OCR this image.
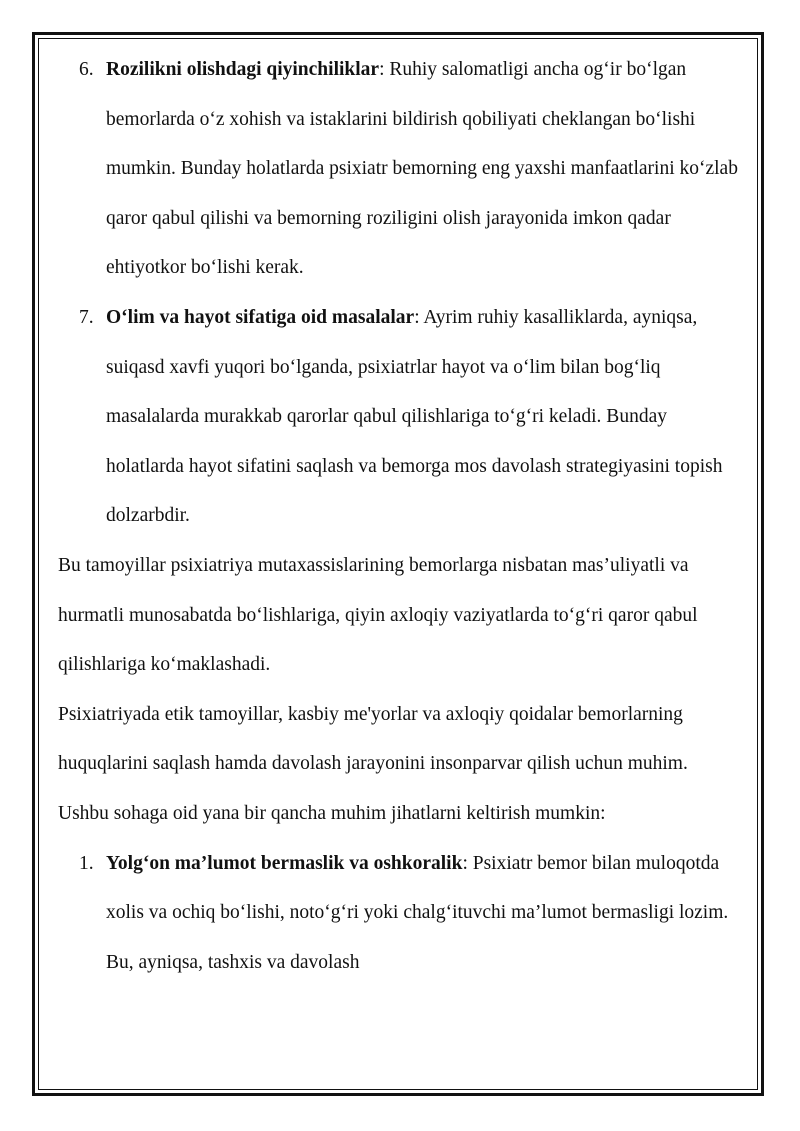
6. Rozilikni olishdagi qiyinchiliklar: Ruhiy salomatligi ancha og‘ir bo‘lgan bemorlarda o‘z xohish va istaklarini bildirish qobiliyati cheklangan bo‘lishi mumkin. Bunday holatlarda psixiatr bemorning eng yaxshi manfaatlarini ko‘zlab qaror qabul qilishi va bemorning roziligini olish jarayonida imkon qadar ehtiyotkor bo‘lishi kerak.
7. O‘lim va hayot sifatiga oid masalalar: Ayrim ruhiy kasalliklarda, ayniqsa, suiqasd xavfi yuqori bo‘lganda, psixiatrlar hayot va o‘lim bilan bog‘liq masalalarda murakkab qarorlar qabul qilishlariga to‘g‘ri keladi. Bunday holatlarda hayot sifatini saqlash va bemorga mos davolash strategiyasini topish dolzarbdir.

Bu tamoyillar psixiatriya mutaxassislarining bemorlarga nisbatan mas’uliyatli va hurmatli munosabatda bo‘lishlariga, qiyin axloqiy vaziyatlarda to‘g‘ri qaror qabul qilishlariga ko‘maklashadi.

Psixiatriyada etik tamoyillar, kasbiy me'yorlar va axloqiy qoidalar bemorlarning huquqlarini saqlash hamda davolash jarayonini insonparvar qilish uchun muhim. Ushbu sohaga oid yana bir qancha muhim jihatlarni keltirish mumkin:

1. Yolg‘on ma’lumot bermaslik va oshkoralik: Psixiatr bemor bilan muloqotda xolis va ochiq bo‘lishi, noto‘g‘ri yoki chalg‘ituvchi ma’lumot bermasligi lozim. Bu, ayniqsa, tashxis va davolash
